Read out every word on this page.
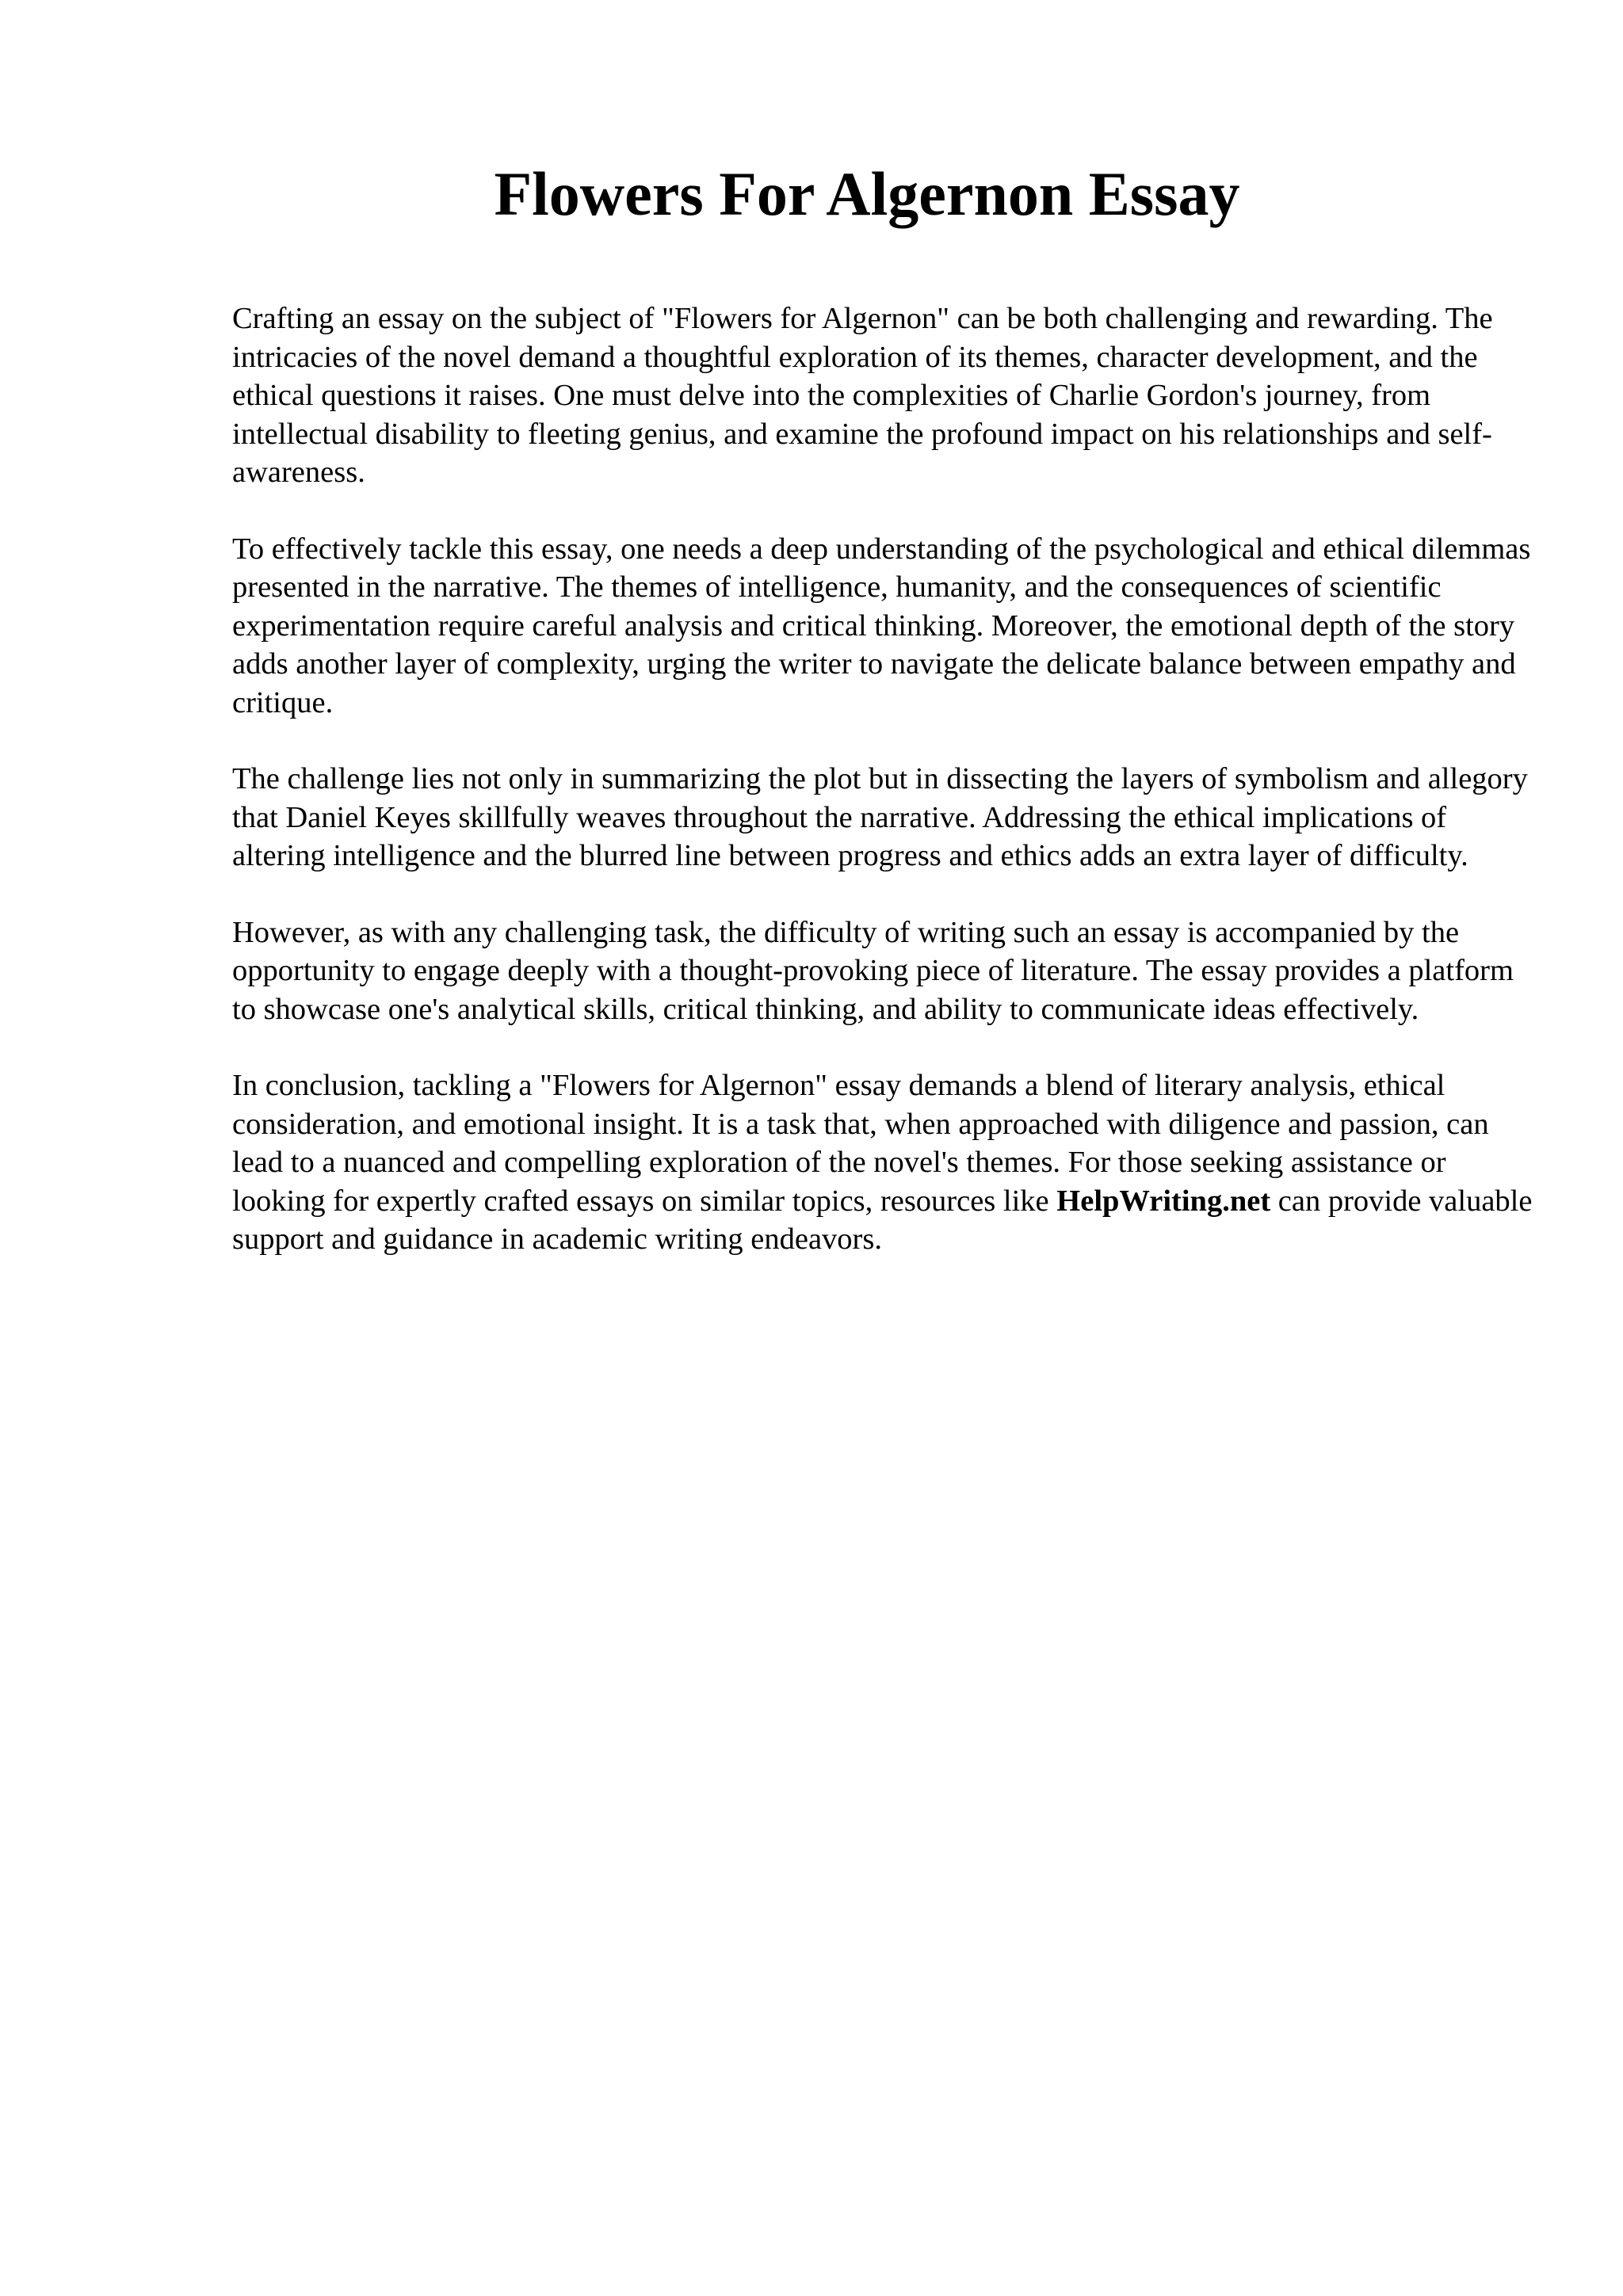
Flowers For Algernon Essay

Crafting an essay on the subject of "Flowers for Algernon" can be both challenging and rewarding. The intricacies of the novel demand a thoughtful exploration of its themes, character development, and the ethical questions it raises. One must delve into the complexities of Charlie Gordon's journey, from intellectual disability to fleeting genius, and examine the profound impact on his relationships and self-awareness.

To effectively tackle this essay, one needs a deep understanding of the psychological and ethical dilemmas presented in the narrative. The themes of intelligence, humanity, and the consequences of scientific experimentation require careful analysis and critical thinking. Moreover, the emotional depth of the story adds another layer of complexity, urging the writer to navigate the delicate balance between empathy and critique.

The challenge lies not only in summarizing the plot but in dissecting the layers of symbolism and allegory that Daniel Keyes skillfully weaves throughout the narrative. Addressing the ethical implications of altering intelligence and the blurred line between progress and ethics adds an extra layer of difficulty.

However, as with any challenging task, the difficulty of writing such an essay is accompanied by the opportunity to engage deeply with a thought-provoking piece of literature. The essay provides a platform to showcase one's analytical skills, critical thinking, and ability to communicate ideas effectively.

In conclusion, tackling a "Flowers for Algernon" essay demands a blend of literary analysis, ethical consideration, and emotional insight. It is a task that, when approached with diligence and passion, can lead to a nuanced and compelling exploration of the novel's themes. For those seeking assistance or looking for expertly crafted essays on similar topics, resources like HelpWriting.net can provide valuable support and guidance in academic writing endeavors.
